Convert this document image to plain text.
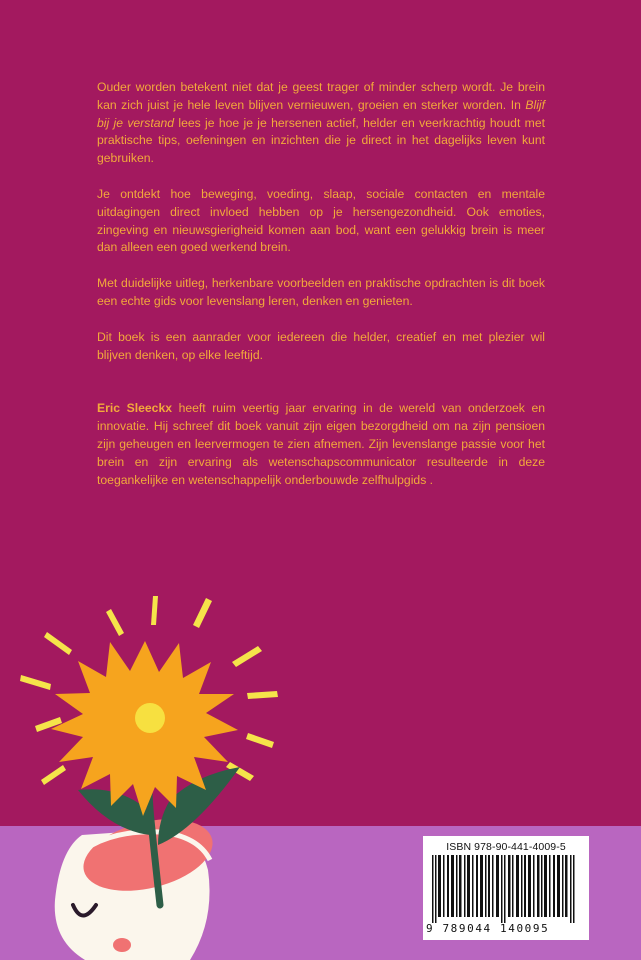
Ouder worden betekent niet dat je geest trager of minder scherp wordt. Je brein kan zich juist je hele leven blijven vernieuwen, groeien en sterker worden. In Blijf bij je verstand lees je hoe je je hersenen actief, helder en veerkrachtig houdt met praktische tips, oefeningen en inzichten die je direct in het dagelijks leven kunt gebruiken.

Je ontdekt hoe beweging, voeding, slaap, sociale contacten en mentale uitdagingen direct invloed hebben op je hersengezondheid. Ook emoties, zingeving en nieuwsgierigheid komen aan bod, want een gelukkig brein is meer dan alleen een goed werkend brein.

Met duidelijke uitleg, herkenbare voorbeelden en praktische opdrachten is dit boek een echte gids voor levenslang leren, denken en genieten.

Dit boek is een aanrader voor iedereen die helder, creatief en met plezier wil blijven denken, op elke leeftijd.

Eric Sleeckx heeft ruim veertig jaar ervaring in de wereld van onderzoek en innovatie. Hij schreef dit boek vanuit zijn eigen bezorgdheid om na zijn pensioen zijn geheugen en leervermogen te zien afnemen. Zijn levenslange passie voor het brein en zijn ervaring als wetenschapscommunicator resulteerde in deze toegankelijke en wetenschappelijk onderbouwde zelfhulpgids .

ISBN 978-90-441-4009-5
9 789044 140095
